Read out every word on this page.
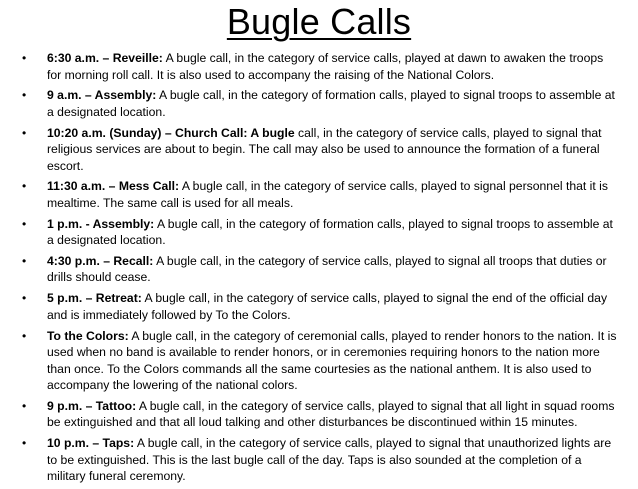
Bugle Calls
• 6:30 a.m. – Reveille: A bugle call, in the category of service calls, played at dawn to awaken the troops for morning roll call. It is also used to accompany the raising of the National Colors.
• 9 a.m. – Assembly: A bugle call, in the category of formation calls, played to signal troops to assemble at a designated location.
• 10:20 a.m. (Sunday) – Church Call: A bugle call, in the category of service calls, played to signal that religious services are about to begin. The call may also be used to announce the formation of a funeral escort.
• 11:30 a.m. – Mess Call: A bugle call, in the category of service calls, played to signal personnel that it is mealtime. The same call is used for all meals.
• 1 p.m. - Assembly: A bugle call, in the category of formation calls, played to signal troops to assemble at a designated location.
• 4:30 p.m. – Recall: A bugle call, in the category of service calls, played to signal all troops that duties or drills should cease.
• 5 p.m. – Retreat: A bugle call, in the category of service calls, played to signal the end of the official day and is immediately followed by To the Colors.
• To the Colors: A bugle call, in the category of ceremonial calls, played to render honors to the nation. It is used when no band is available to render honors, or in ceremonies requiring honors to the nation more than once. To the Colors commands all the same courtesies as the national anthem. It is also used to accompany the lowering of the national colors.
• 9 p.m. – Tattoo: A bugle call, in the category of service calls, played to signal that all light in squad rooms be extinguished and that all loud talking and other disturbances be discontinued within 15 minutes.
• 10 p.m. – Taps: A bugle call, in the category of service calls, played to signal that unauthorized lights are to be extinguished. This is the last bugle call of the day. Taps is also sounded at the completion of a military funeral ceremony.
